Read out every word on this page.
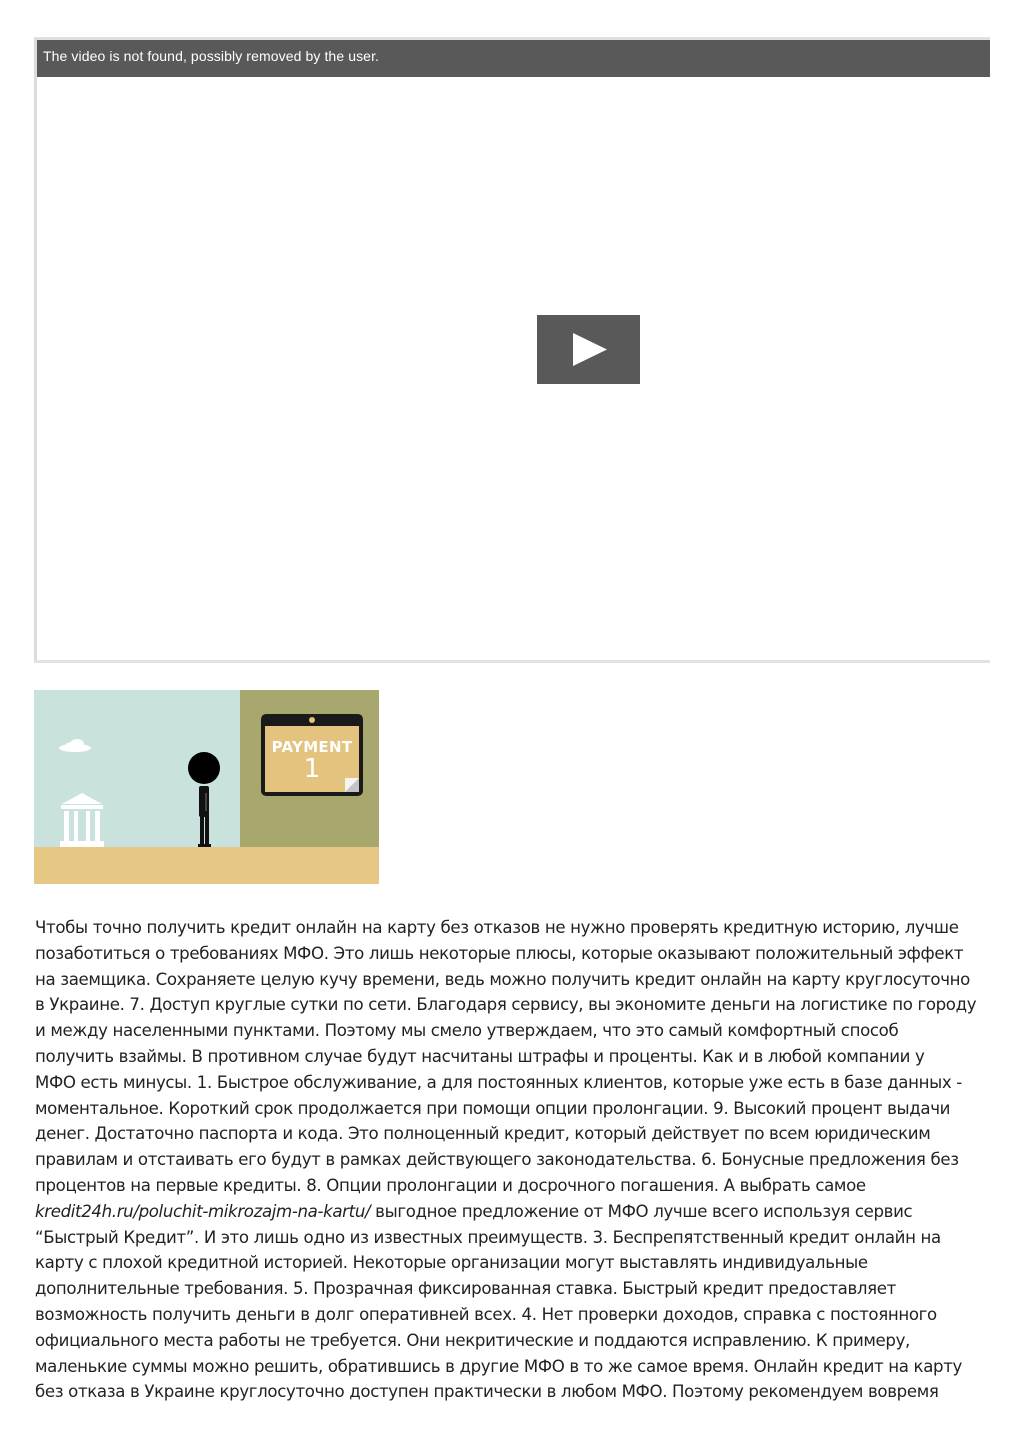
The video is not found, possibly removed by the user.
PAYMENT
1
Чтобы точно получить кредит онлайн на карту без отказов не нужно проверять кредитную историю, лучше
позаботиться о требованиях МФО. Это лишь некоторые плюсы, которые оказывают положительный эффект
на заемщика. Сохраняете целую кучу времени, ведь можно получить кредит онлайн на карту круглосуточно
в Украине. 7. Доступ круглые сутки по сети. Благодаря сервису, вы экономите деньги на логистике по городу
и между населенными пунктами. Поэтому мы смело утверждаем, что это самый комфортный способ
получить взаймы. В противном случае будут насчитаны штрафы и проценты. Как и в любой компании у
МФО есть минусы. 1. Быстрое обслуживание, а для постоянных клиентов, которые уже есть в базе данных -
моментальное. Короткий срок продолжается при помощи опции пролонгации. 9. Высокий процент выдачи
денег. Достаточно паспорта и кода. Это полноценный кредит, который действует по всем юридическим
правилам и отстаивать его будут в рамках действующего законодательства. 6. Бонусные предложения без
процентов на первые кредиты. 8. Опции пролонгации и досрочного погашения. А выбрать самое
kredit24h.ru/poluchit-mikrozajm-na-kartu/ выгодное предложение от МФО лучше всего используя сервис
“Быстрый Кредит”. И это лишь одно из известных преимуществ. 3. Беспрепятственный кредит онлайн на
карту с плохой кредитной историей. Некоторые организации могут выставлять индивидуальные
дополнительные требования. 5. Прозрачная фиксированная ставка. Быстрый кредит предоставляет
возможность получить деньги в долг оперативней всех. 4. Нет проверки доходов, справка с постоянного
официального места работы не требуется. Они некритические и поддаются исправлению. К примеру,
маленькие суммы можно решить, обратившись в другие МФО в то же самое время. Онлайн кредит на карту
без отказа в Украине круглосуточно доступен практически в любом МФО. Поэтому рекомендуем вовремя
